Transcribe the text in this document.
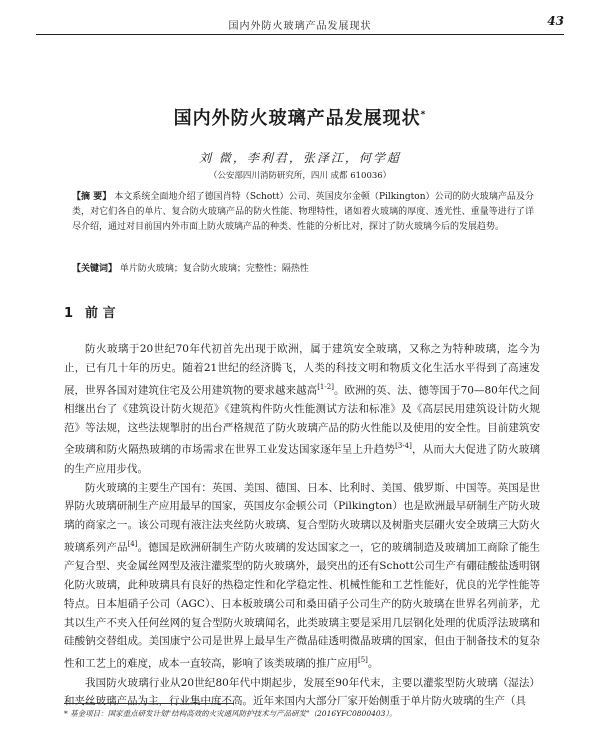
国内外防火玻璃产品发展现状	43
国内外防火玻璃产品发展现状*
刘 微，李利君，张泽江，何学超
（公安部四川消防研究所，四川 成都 610036）
【摘 要】 本文系统全面地介绍了德国肖特（Schott）公司、英国皮尔金顿（Pilkington）公司的防火玻璃产品及分类，对它们各自的单片、复合防火玻璃产品的防火性能、物理特性，诸如着火玻璃的厚度、透光性、重量等进行了详尽介绍，通过对目前国内外市面上防火玻璃产品的种类、性能的分析比对，探讨了防火玻璃今后的发展趋势。
【关键词】 单片防火玻璃；复合防火玻璃；完整性；隔热性
1 前 言

防火玻璃于20世纪70年代初首先出现于欧洲，属于建筑安全玻璃，又称之为特种玻璃，迄今为止，已有几十年的历史。随着21世纪的经济腾飞，人类的科技文明和物质文化生活水平得到了高速发展，世界各国对建筑住宅及公用建筑物的要求越来越高[1-2]。欧洲的英、法、德等国于70—80年代之间相继出台了《建筑设计防火规范》《建筑构件防火性能测试方法和标准》及《高层民用建筑设计防火规范》等法规，这些法规掣肘的出台严格规范了防火玻璃产品的防火性能以及使用的安全性。目前建筑安全玻璃和防火隔热玻璃的市场需求在世界工业发达国家逐年呈上升趋势[3-4]，从而大大促进了防火玻璃的生产应用步伐。

防火玻璃的主要生产国有：英国、美国、德国、日本、比利时、美国、俄罗斯、中国等。英国是世界防火玻璃研制生产应用最早的国家，英国皮尔金顿公司（Pilkington）也是欧洲最早研制生产防火玻璃的商家之一。该公司现有液注法夹丝防火玻璃、复合型防火玻璃以及树脂夹层硼火安全玻璃三大防火玻璃系列产品[4]。德国是欧洲研制生产防火玻璃的发达国家之一，它的玻璃制造及玻璃加工商除了能生产复合型、夹金属丝网型及液注灌浆型的防火玻璃外，最突出的还有Schott公司生产有硼硅酸盐透明钢化防火玻璃，此种玻璃具有良好的热稳定性和化学稳定性、机械性能和工艺性能好，优良的光学性能等特点。日本旭硝子公司（AGC）、日本板玻璃公司和桑田硝子公司生产的防火玻璃在世界名列前茅，尤其以生产不夹入任何丝网的复合型防火玻璃闻名，此类玻璃主要是采用几层钢化处理的优质浮法玻璃和硅酸钠交替组成。美国康宁公司是世界上最早生产微晶硅透明微晶玻璃的国家，但由于制备技术的复杂性和工艺上的难度，成本一直较高，影响了该类玻璃的推广应用[5]。

我国防火玻璃行业从20世纪80年代中期起步，发展至90年代末，主要以灌浆型防火玻璃（湿法）和夹丝玻璃产品为主，行业集中度不高。近年来国内大部分厂家开始侧重于单片防火玻璃的生产（具

* 基金项目：国家重点研发计划"结构高效的火灾通风防护技术与产品研发"（2016YFC0800403）。
